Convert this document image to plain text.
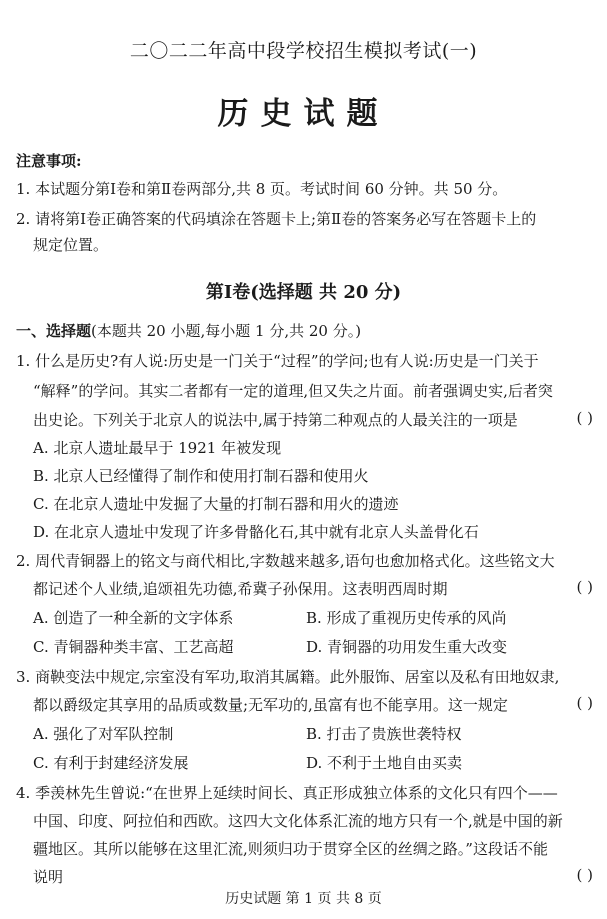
二〇二二年高中段学校招生模拟考试(一)
历史试题
注意事项:
1. 本试题分第Ⅰ卷和第Ⅱ卷两部分,共 8 页。考试时间 60 分钟。共 50 分。
2. 请将第Ⅰ卷正确答案的代码填涂在答题卡上;第Ⅱ卷的答案务必写在答题卡上的
规定位置。
第Ⅰ卷(选择题 共 20 分)
一、选择题(本题共 20 小题,每小题 1 分,共 20 分。)
1. 什么是历史?有人说:历史是一门关于“过程”的学问;也有人说:历史是一门关于
“解释”的学问。其实二者都有一定的道理,但又失之片面。前者强调史实,后者突
出史论。下列关于北京人的说法中,属于持第二种观点的人最关注的一项是	( )
A. 北京人遗址最早于 1921 年被发现
B. 北京人已经懂得了制作和使用打制石器和使用火
C. 在北京人遗址中发掘了大量的打制石器和用火的遗迹
D. 在北京人遗址中发现了许多骨骼化石,其中就有北京人头盖骨化石
2. 周代青铜器上的铭文与商代相比,字数越来越多,语句也愈加格式化。这些铭文大
都记述个人业绩,追颂祖先功德,希冀子孙保用。这表明西周时期	( )
A. 创造了一种全新的文字体系	B. 形成了重视历史传承的风尚
C. 青铜器种类丰富、工艺高超	D. 青铜器的功用发生重大改变
3. 商鞅变法中规定,宗室没有军功,取消其属籍。此外服饰、居室以及私有田地奴隶,
都以爵级定其享用的品质或数量;无军功的,虽富有也不能享用。这一规定	( )
A. 强化了对军队控制	B. 打击了贵族世袭特权
C. 有利于封建经济发展	D. 不利于土地自由买卖
4. 季羡林先生曾说:“在世界上延续时间长、真正形成独立体系的文化只有四个——
中国、印度、阿拉伯和西欧。这四大文化体系汇流的地方只有一个,就是中国的新
疆地区。其所以能够在这里汇流,则须归功于贯穿全区的丝绸之路。”这段话不能
说明	( )
历史试题 第 1 页 共 8 页
